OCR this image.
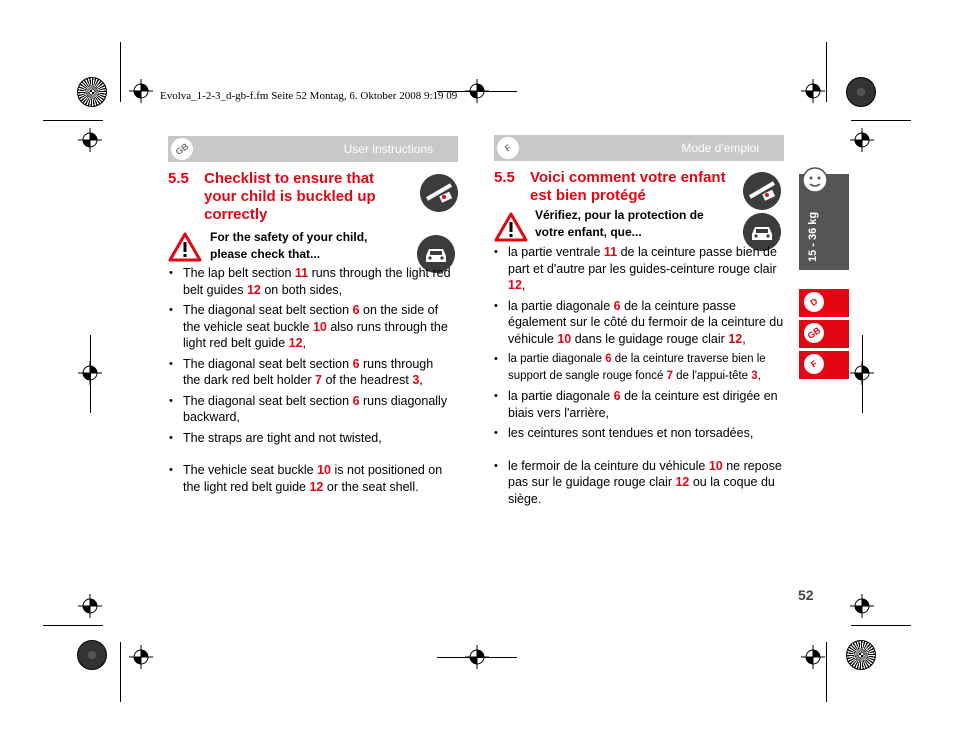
Evolva_1-2-3_d-gb-f.fm Seite 52 Montag, 6. Oktober 2008 9:19 09
GB	User instructions
5.5 Checklist to ensure that your child is buckled up correctly
For the safety of your child, please check that...
• The lap belt section 11 runs through the light red belt guides 12 on both sides,
• The diagonal seat belt section 6 on the side of the vehicle seat buckle 10 also runs through the light red belt guide 12,
• The diagonal seat belt section 6 runs through the dark red belt holder 7 of the headrest 3,
• The diagonal seat belt section 6 runs diagonally backward,
• The straps are tight and not twisted,
• The vehicle seat buckle 10 is not positioned on the light red belt guide 12 or the seat shell.
F	Mode d'emploi
5.5 Voici comment votre enfant est bien protégé
Vérifiez, pour la protection de votre enfant, que...
• la partie ventrale 11 de la ceinture passe bien de part et d'autre par les guides-ceinture rouge clair 12,
• la partie diagonale 6 de la ceinture passe également sur le côté du fermoir de la ceinture du véhicule 10 dans le guidage rouge clair 12,
• la partie diagonale 6 de la ceinture traverse bien le support de sangle rouge foncé 7 de l'appui-tête 3,
• la partie diagonale 6 de la ceinture est dirigée en biais vers l'arrière,
• les ceintures sont tendues et non torsadées,
• le fermoir de la ceinture du véhicule 10 ne repose pas sur le guidage rouge clair 12 ou la coque du siège.
15 - 36 kg
D
GB
F
52
